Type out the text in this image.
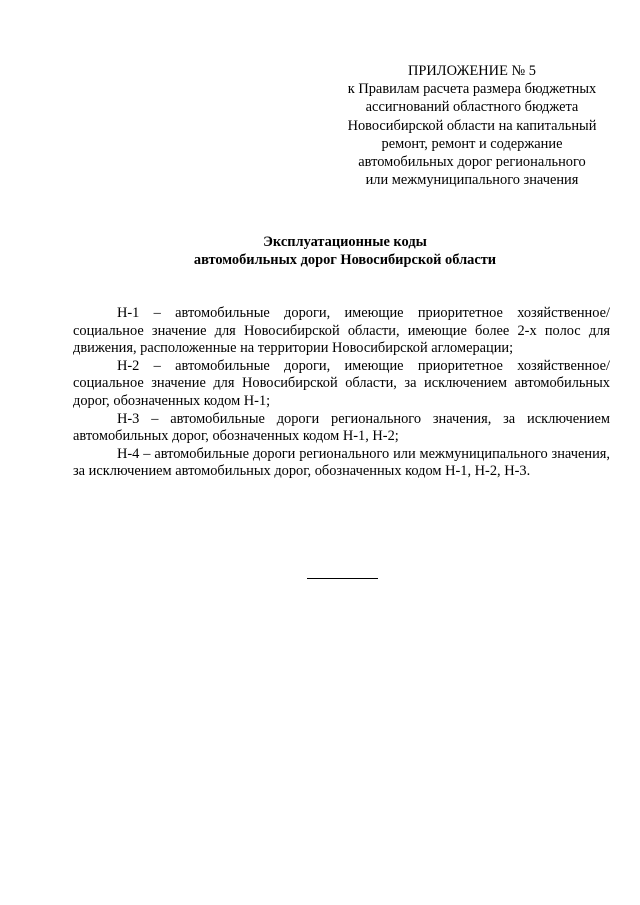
ПРИЛОЖЕНИЕ № 5
к Правилам расчета размера бюджетных
ассигнований областного бюджета
Новосибирской области на капитальный
ремонт, ремонт и содержание
автомобильных дорог регионального
или межмуниципального значения
Эксплуатационные коды
автомобильных дорог Новосибирской области

Н-1 – автомобильные дороги, имеющие приоритетное хозяйственное/социальное значение для Новосибирской области, имеющие более 2-х полос для движения, расположенные на территории Новосибирской агломерации;

Н-2 – автомобильные дороги, имеющие приоритетное хозяйственное/социальное значение для Новосибирской области, за исключением автомобильных дорог, обозначенных кодом Н-1;

Н-3 – автомобильные дороги регионального значения, за исключением автомобильных дорог, обозначенных кодом Н-1, Н-2;

Н-4 – автомобильные дороги регионального или межмуниципального значения, за исключением автомобильных дорог, обозначенных кодом Н-1, Н-2, Н-3.
